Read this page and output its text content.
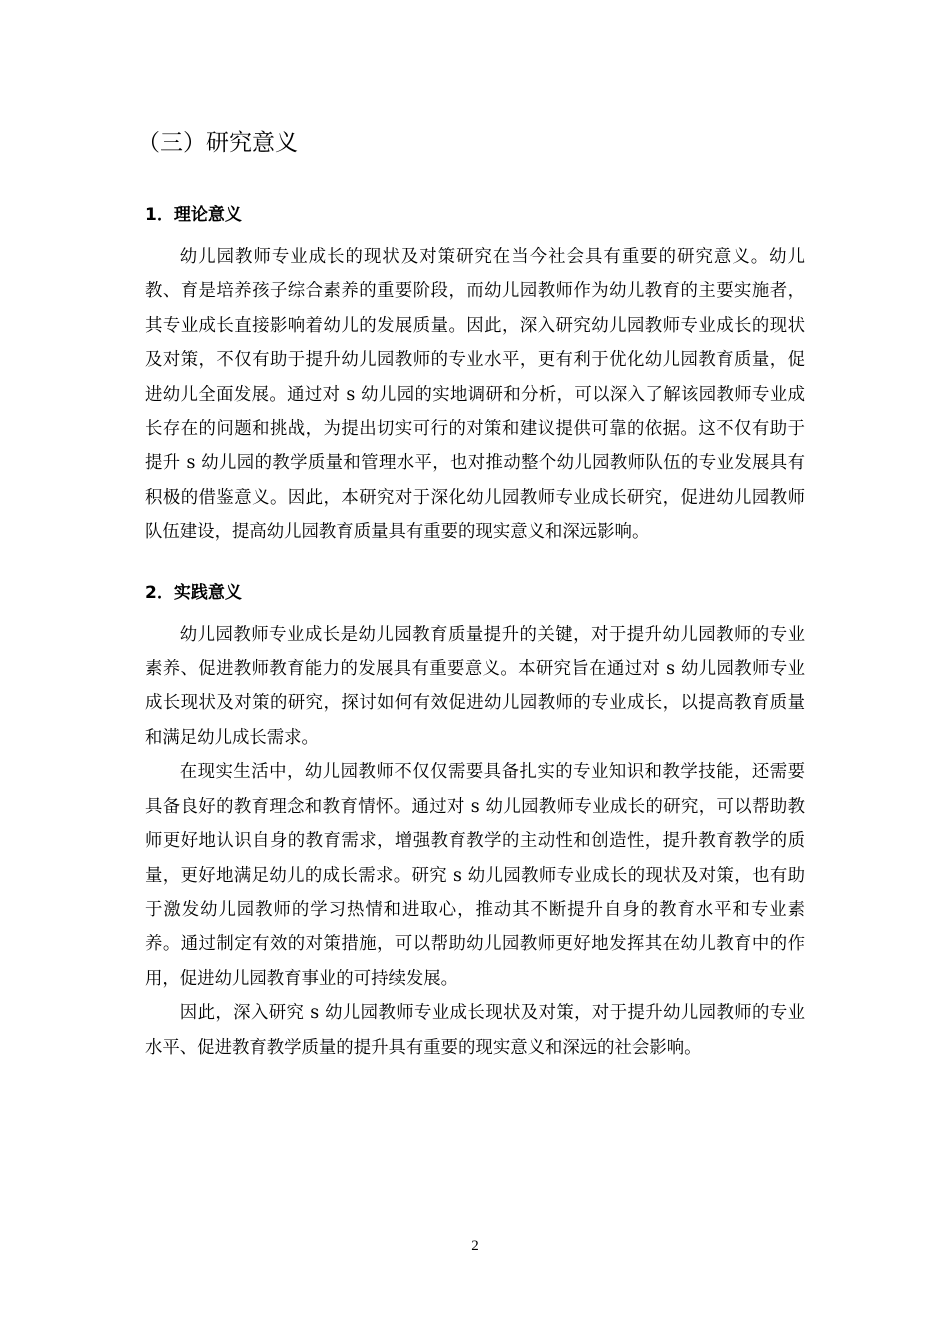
（三）研究意义
1．理论意义

幼儿园教师专业成长的现状及对策研究在当今社会具有重要的研究意义。幼儿教、育是培养孩子综合素养的重要阶段，而幼儿园教师作为幼儿教育的主要实施者，其专业成长直接影响着幼儿的发展质量。因此，深入研究幼儿园教师专业成长的现状及对策，不仅有助于提升幼儿园教师的专业水平，更有利于优化幼儿园教育质量，促进幼儿全面发展。通过对 s 幼儿园的实地调研和分析，可以深入了解该园教师专业成长存在的问题和挑战，为提出切实可行的对策和建议提供可靠的依据。这不仅有助于提升 s 幼儿园的教学质量和管理水平，也对推动整个幼儿园教师队伍的专业发展具有积极的借鉴意义。因此，本研究对于深化幼儿园教师专业成长研究，促进幼儿园教师队伍建设，提高幼儿园教育质量具有重要的现实意义和深远影响。

2．实践意义

幼儿园教师专业成长是幼儿园教育质量提升的关键，对于提升幼儿园教师的专业素养、促进教师教育能力的发展具有重要意义。本研究旨在通过对 s 幼儿园教师专业成长现状及对策的研究，探讨如何有效促进幼儿园教师的专业成长，以提高教育质量和满足幼儿成长需求。

在现实生活中，幼儿园教师不仅仅需要具备扎实的专业知识和教学技能，还需要具备良好的教育理念和教育情怀。通过对 s 幼儿园教师专业成长的研究，可以帮助教师更好地认识自身的教育需求，增强教育教学的主动性和创造性，提升教育教学的质量，更好地满足幼儿的成长需求。研究 s 幼儿园教师专业成长的现状及对策，也有助于激发幼儿园教师的学习热情和进取心，推动其不断提升自身的教育水平和专业素养。通过制定有效的对策措施，可以帮助幼儿园教师更好地发挥其在幼儿教育中的作用，促进幼儿园教育事业的可持续发展。

因此，深入研究 s 幼儿园教师专业成长现状及对策，对于提升幼儿园教师的专业水平、促进教育教学质量的提升具有重要的现实意义和深远的社会影响。

2
